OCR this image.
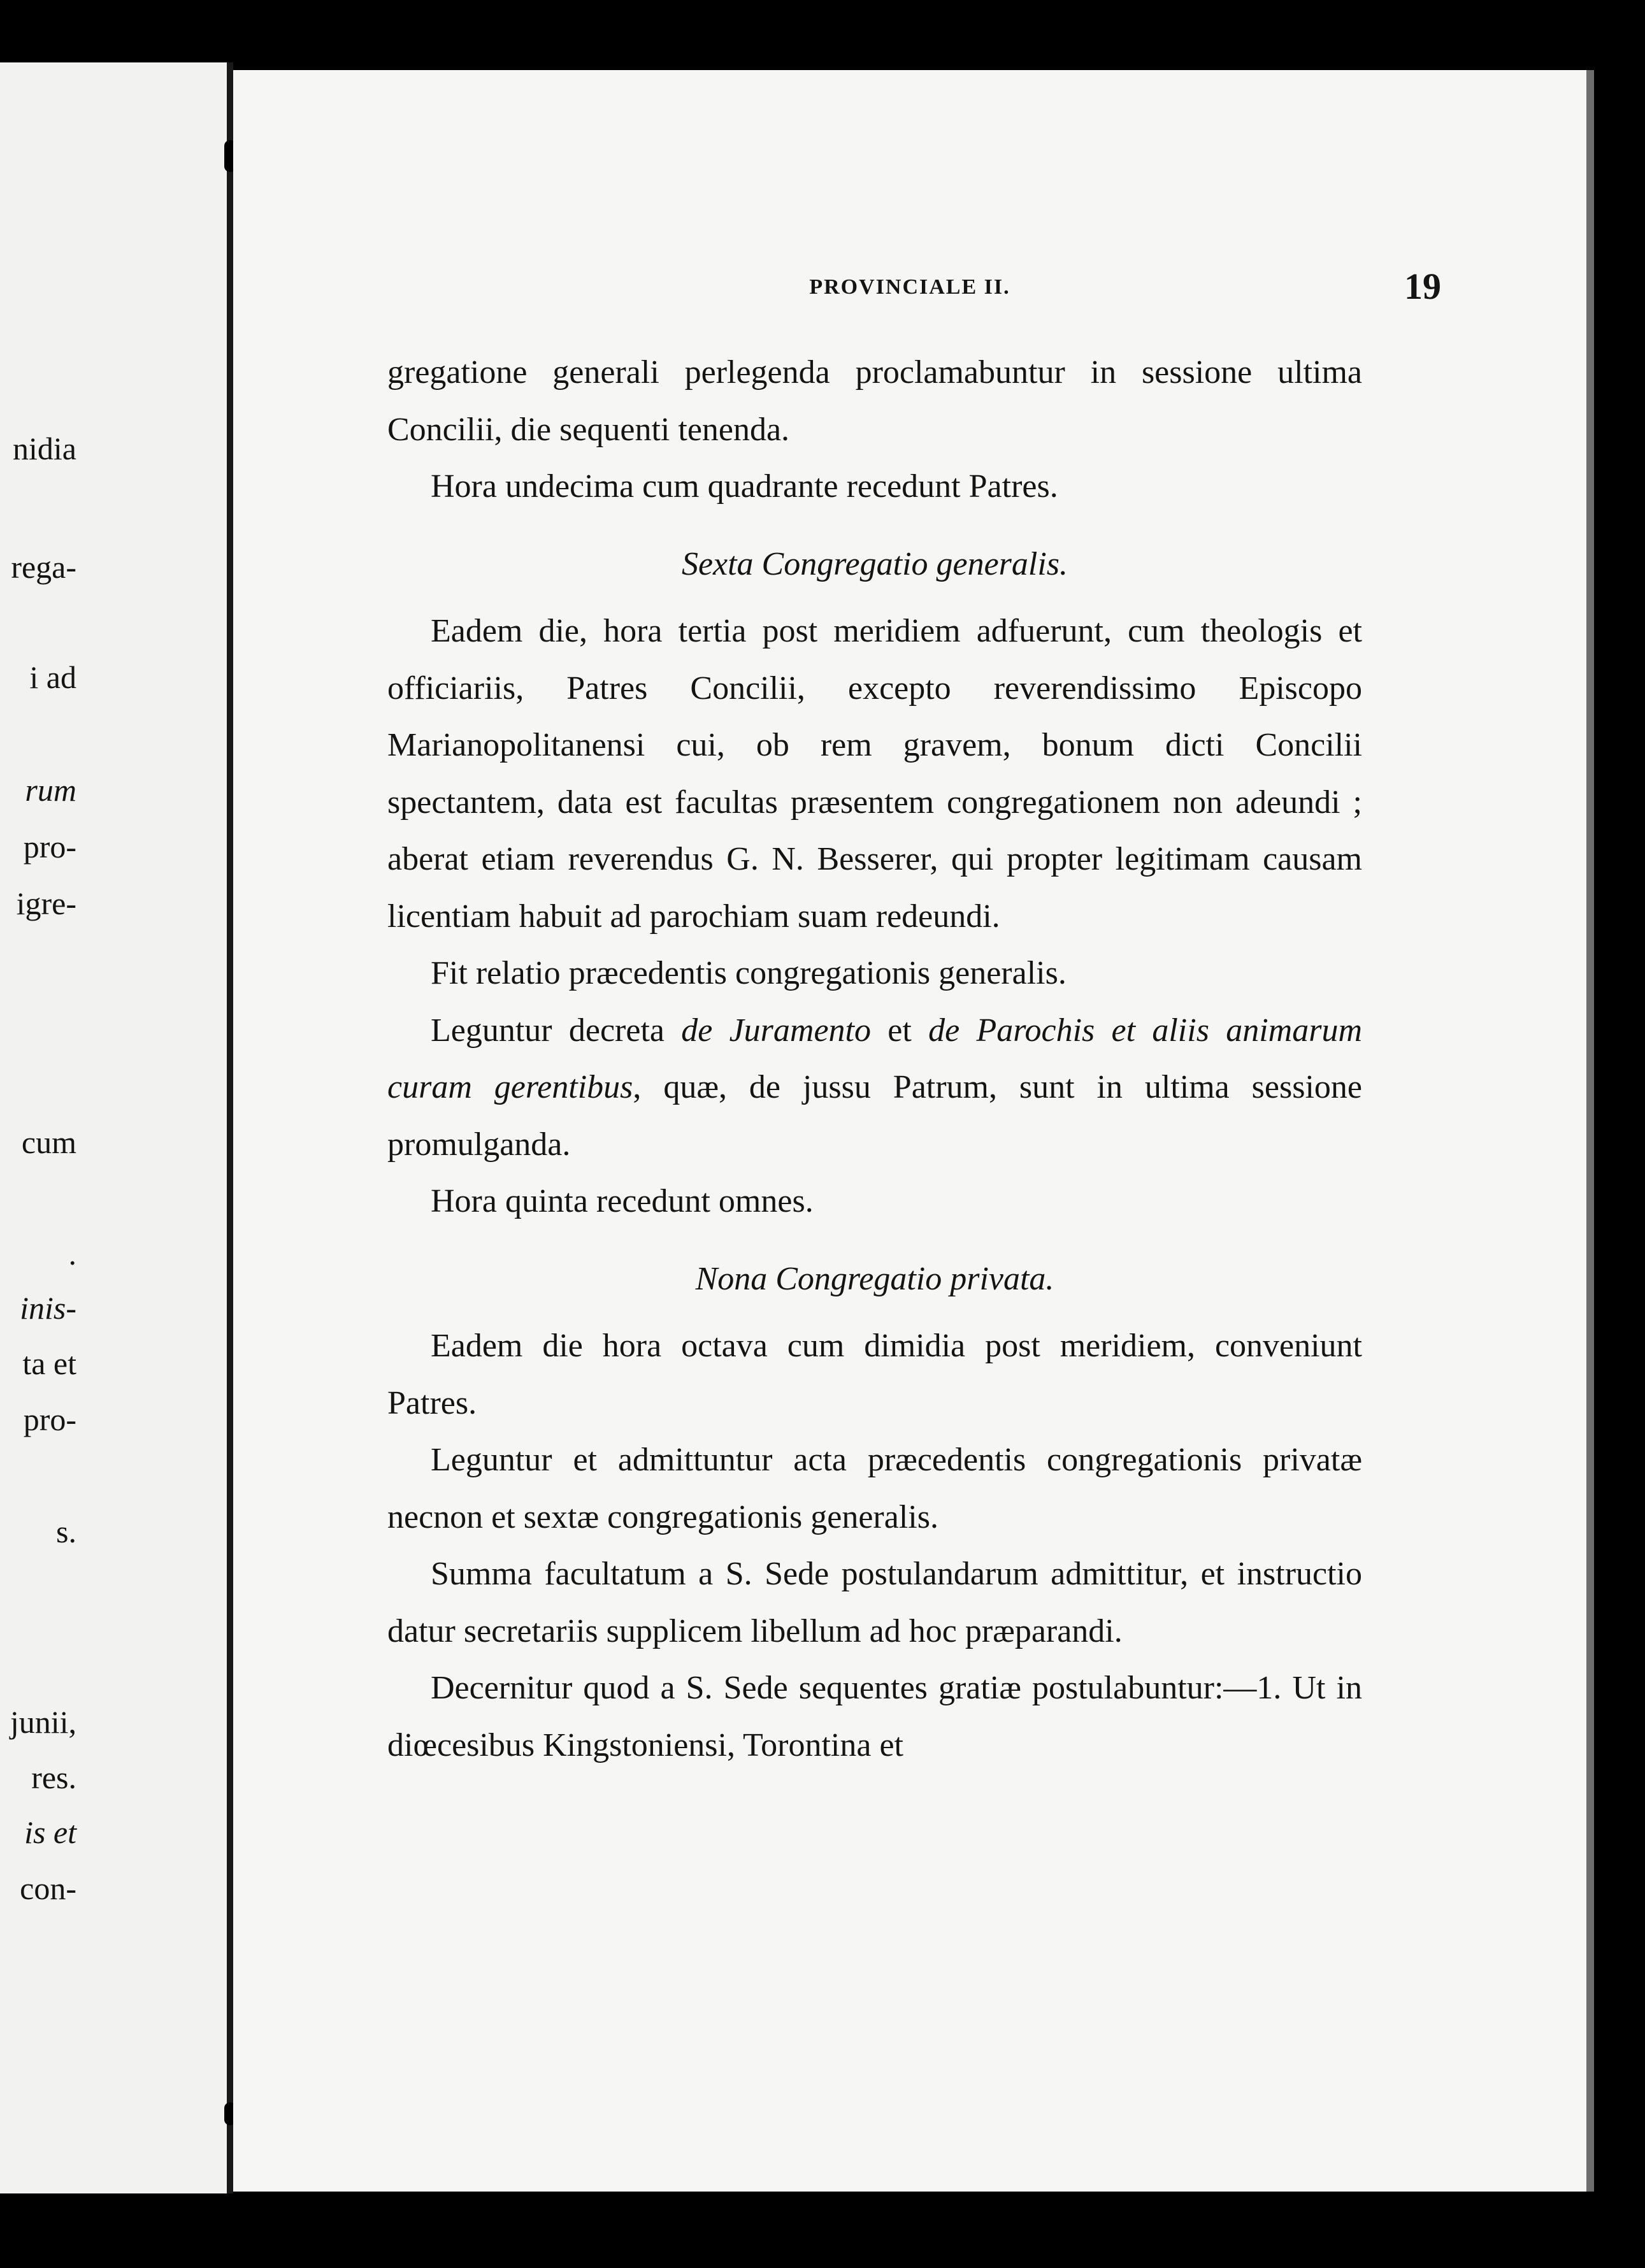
nidia
rega-
i ad
rum
pro-
igre-
cum
.
inis-
ta et
pro-
s.
junii,
res.
is et
con-
PROVINCIALE II.	19

gregatione generali perlegenda proclamabuntur in sessione ultima Concilii, die sequenti tenenda.

Hora undecima cum quadrante recedunt Patres.

Sexta Congregatio generalis.

Eadem die, hora tertia post meridiem adfuerunt, cum theologis et officiariis, Patres Concilii, excepto reverendissimo Episcopo Marianopolitanensi cui, ob rem gravem, bonum dicti Concilii spectantem, data est facultas præsentem congregationem non adeundi ; aberat etiam reverendus G. N. Besserer, qui propter legitimam causam licentiam habuit ad parochiam suam redeundi.

Fit relatio præcedentis congregationis generalis.

Leguntur decreta de Juramento et de Parochis et aliis animarum curam gerentibus, quæ, de jussu Patrum, sunt in ultima sessione promulganda.

Hora quinta recedunt omnes.

Nona Congregatio privata.

Eadem die hora octava cum dimidia post meridiem, conveniunt Patres.

Leguntur et admittuntur acta præcedentis congregationis privatæ necnon et sextæ congregationis generalis.

Summa facultatum a S. Sede postulandarum admittitur, et instructio datur secretariis supplicem libellum ad hoc præparandi.

Decernitur quod a S. Sede sequentes gratiæ postulabuntur:—1. Ut in diœcesibus Kingstoniensi, Torontina et
